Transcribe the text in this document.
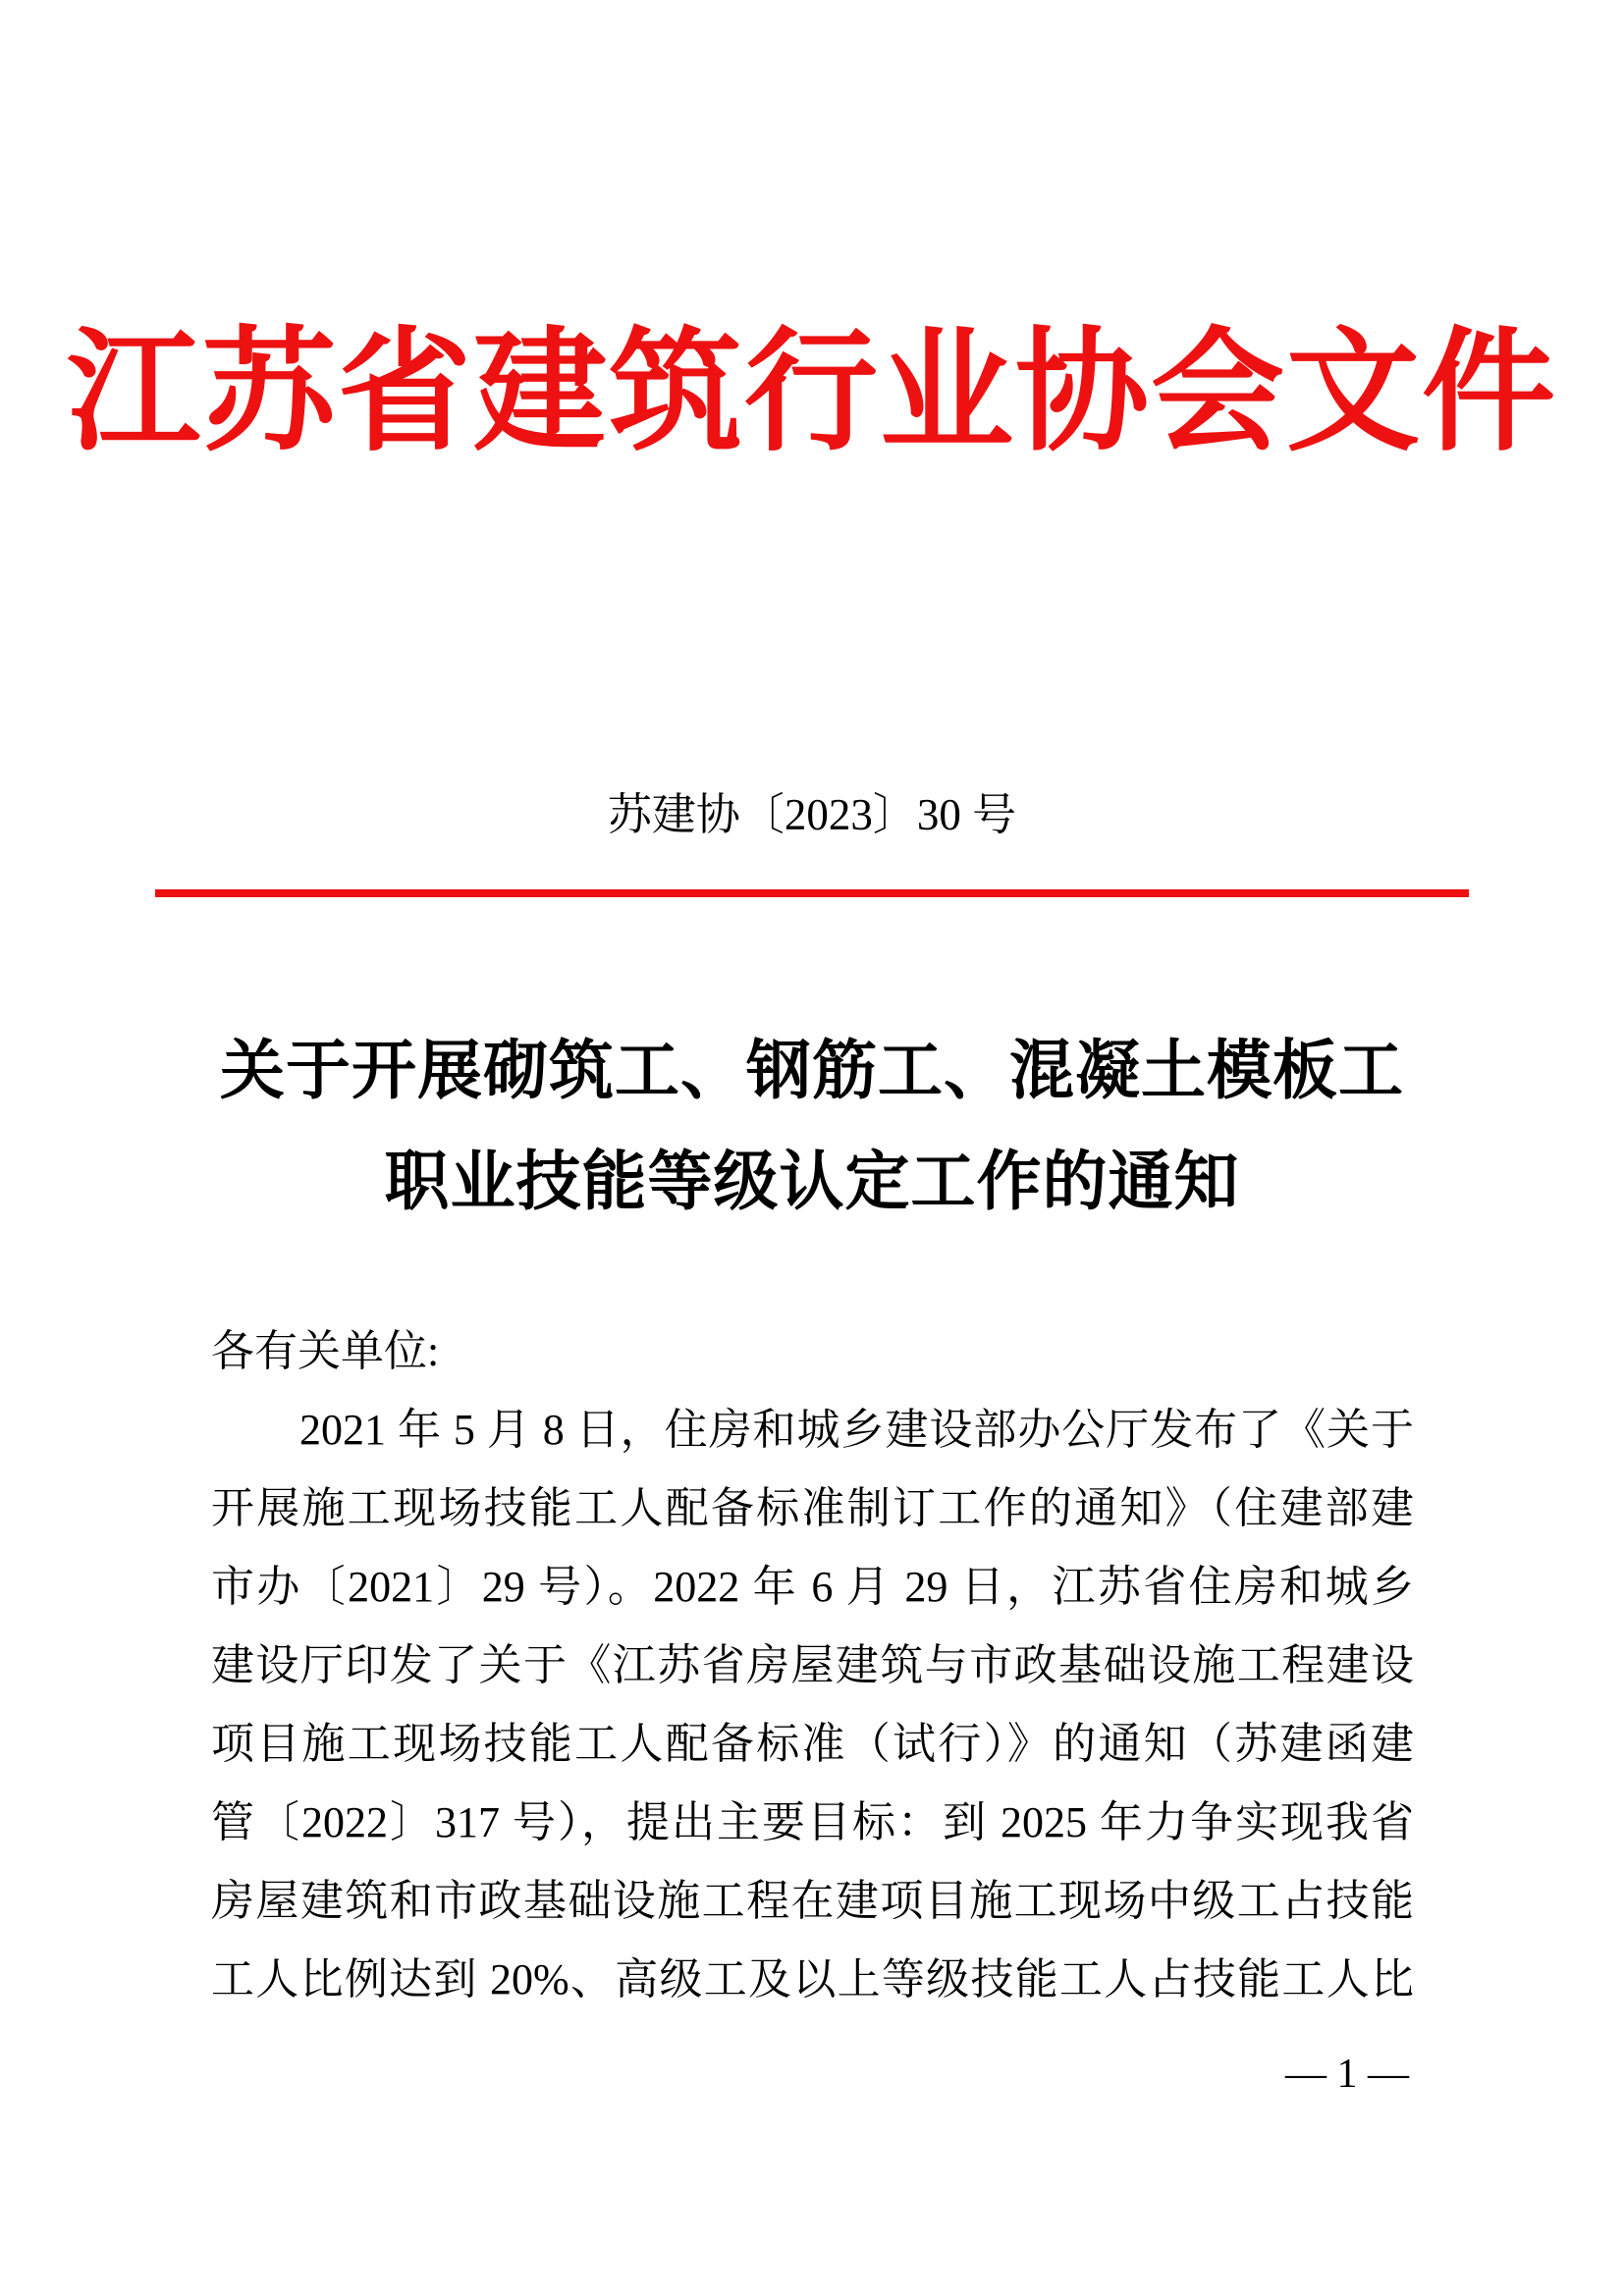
江苏省建筑行业协会文件
苏建协〔2023〕30 号
关于开展砌筑工、钢筋工、混凝土模板工
职业技能等级认定工作的通知
各有关单位:
2021 年 5 月 8 日，住房和城乡建设部办公厅发布了《关于
开展施工现场技能工人配备标准制订工作的通知》（住建部建
市办〔2021〕29 号）。2022 年 6 月 29 日，江苏省住房和城乡
建设厅印发了关于《江苏省房屋建筑与市政基础设施工程建设
项目施工现场技能工人配备标准（试行）》的通知（苏建函建
管〔2022〕317 号），提出主要目标：到 2025 年力争实现我省
房屋建筑和市政基础设施工程在建项目施工现场中级工占技能
工人比例达到 20%、高级工及以上等级技能工人占技能工人比
— 1 —
